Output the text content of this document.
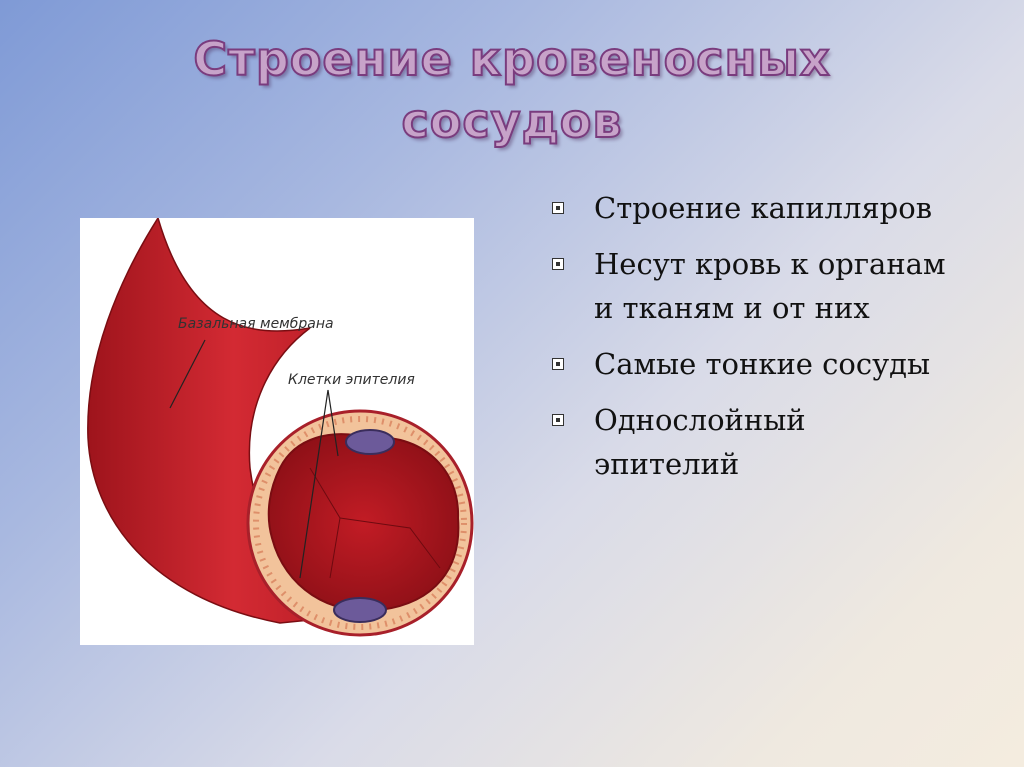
Строение кровеносных
сосудов
Базальная мембрана
Клетки эпителия
Строение капилляров
Несут кровь к органам
и тканям и от них
Самые тонкие сосуды
Однослойный
эпителий
